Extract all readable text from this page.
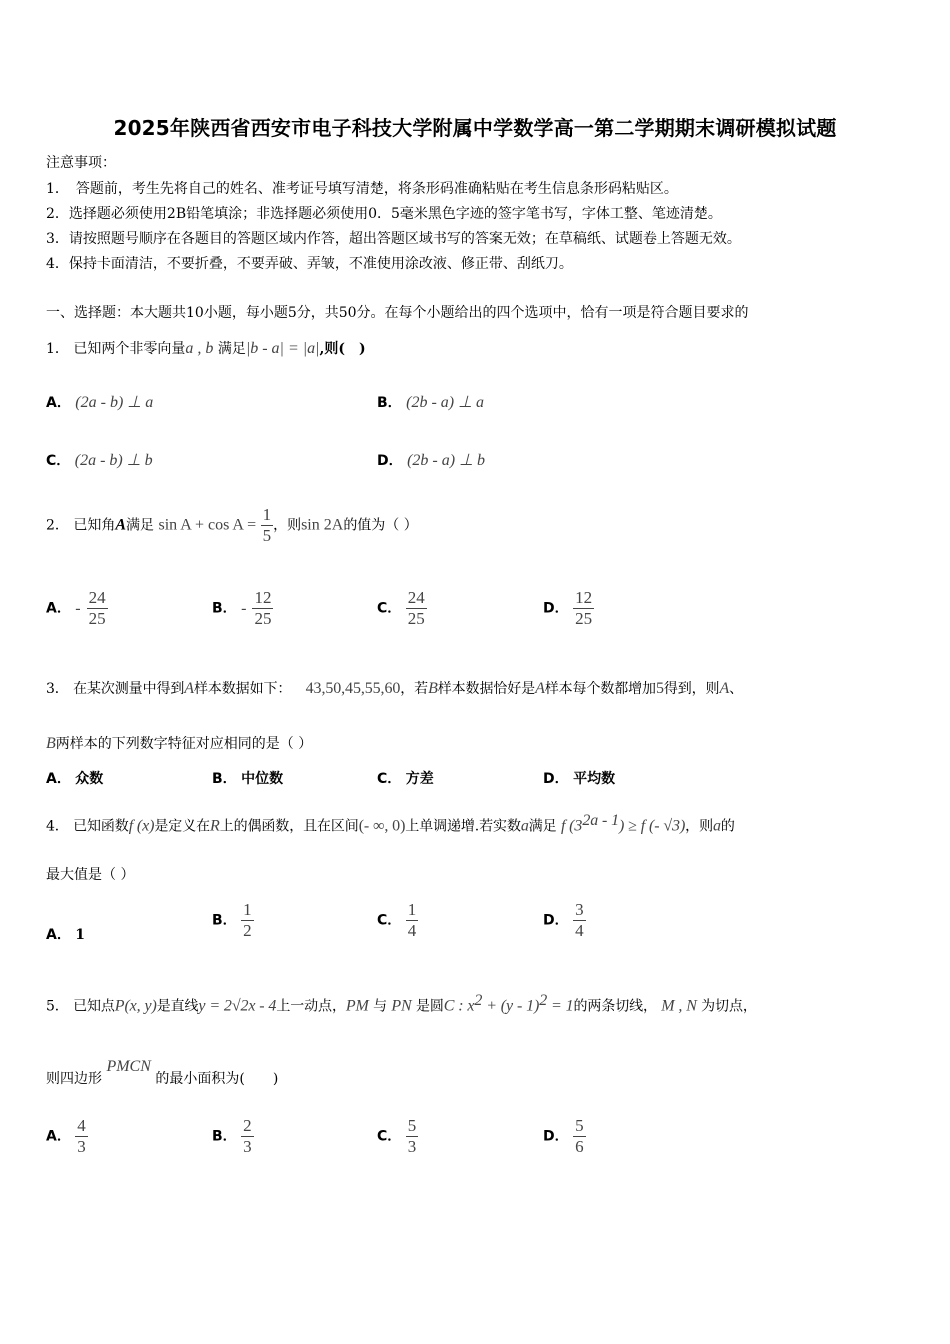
2025年陕西省西安市电子科技大学附属中学数学高一第二学期期末调研模拟试题
注意事项：
1．　答题前，考生先将自己的姓名、准考证号填写清楚，将条形码准确粘贴在考生信息条形码粘贴区。
2．选择题必须使用2B铅笔填涂；非选择题必须使用0．5毫米黑色字迹的签字笔书写，字体工整、笔迹清楚。
3．请按照题号顺序在各题目的答题区域内作答，超出答题区域书写的答案无效；在草稿纸、试题卷上答题无效。
4．保持卡面清洁，不要折叠，不要弄破、弄皱，不准使用涂改液、修正带、刮纸刀。
一、选择题：本大题共10小题，每小题5分，共50分。在每个小题给出的四个选项中，恰有一项是符合题目要求的
1． 已知两个非零向量a , b 满足|b - a| = |a|,则(　)
A． (2a - b) ⊥ a	B． (2b - a) ⊥ a
C． (2a - b) ⊥ b	D． (2b - a) ⊥ b
2． 已知角A满足 $\sin A + \cos A = \frac{1}{5}$ ，则sin 2A的值为（ ）
A． - $\frac{24}{25}$	B． - $\frac{12}{25}$	C． $\frac{24}{25}$	D． $\frac{12}{25}$
3． 在某次测量中得到A样本数据如下： 43,50,45,55,60，若B样本数据恰好是A样本每个数都增加5得到，则A、
B两样本的下列数字特征对应相同的是（ ）
A． 众数	B． 中位数	C． 方差	D． 平均数
4． 已知函数f (x)是定义在R上的偶函数，且在区间(- ∞, 0)上单调递增.若实数a满足 f $(3^{2a - 1}) \ge f$ (- √3)，则a的
最大值是（ ）
A． 1
B． $\frac{1}{2}$	C． $\frac{1}{4}$	D． $\frac{3}{4}$
5． 已知点P(x, y)是直线y = 2√2x - 4上一动点，PM 与 PN 是圆C : $x^2 + (y - 1)^2 = 1$的两条切线， M , N 为切点，
则四边形 PMCN 的最小面积为(　　)
A． $\frac{4}{3}$	B． $\frac{2}{3}$	C． $\frac{5}{3}$	D． $\frac{5}{6}$
